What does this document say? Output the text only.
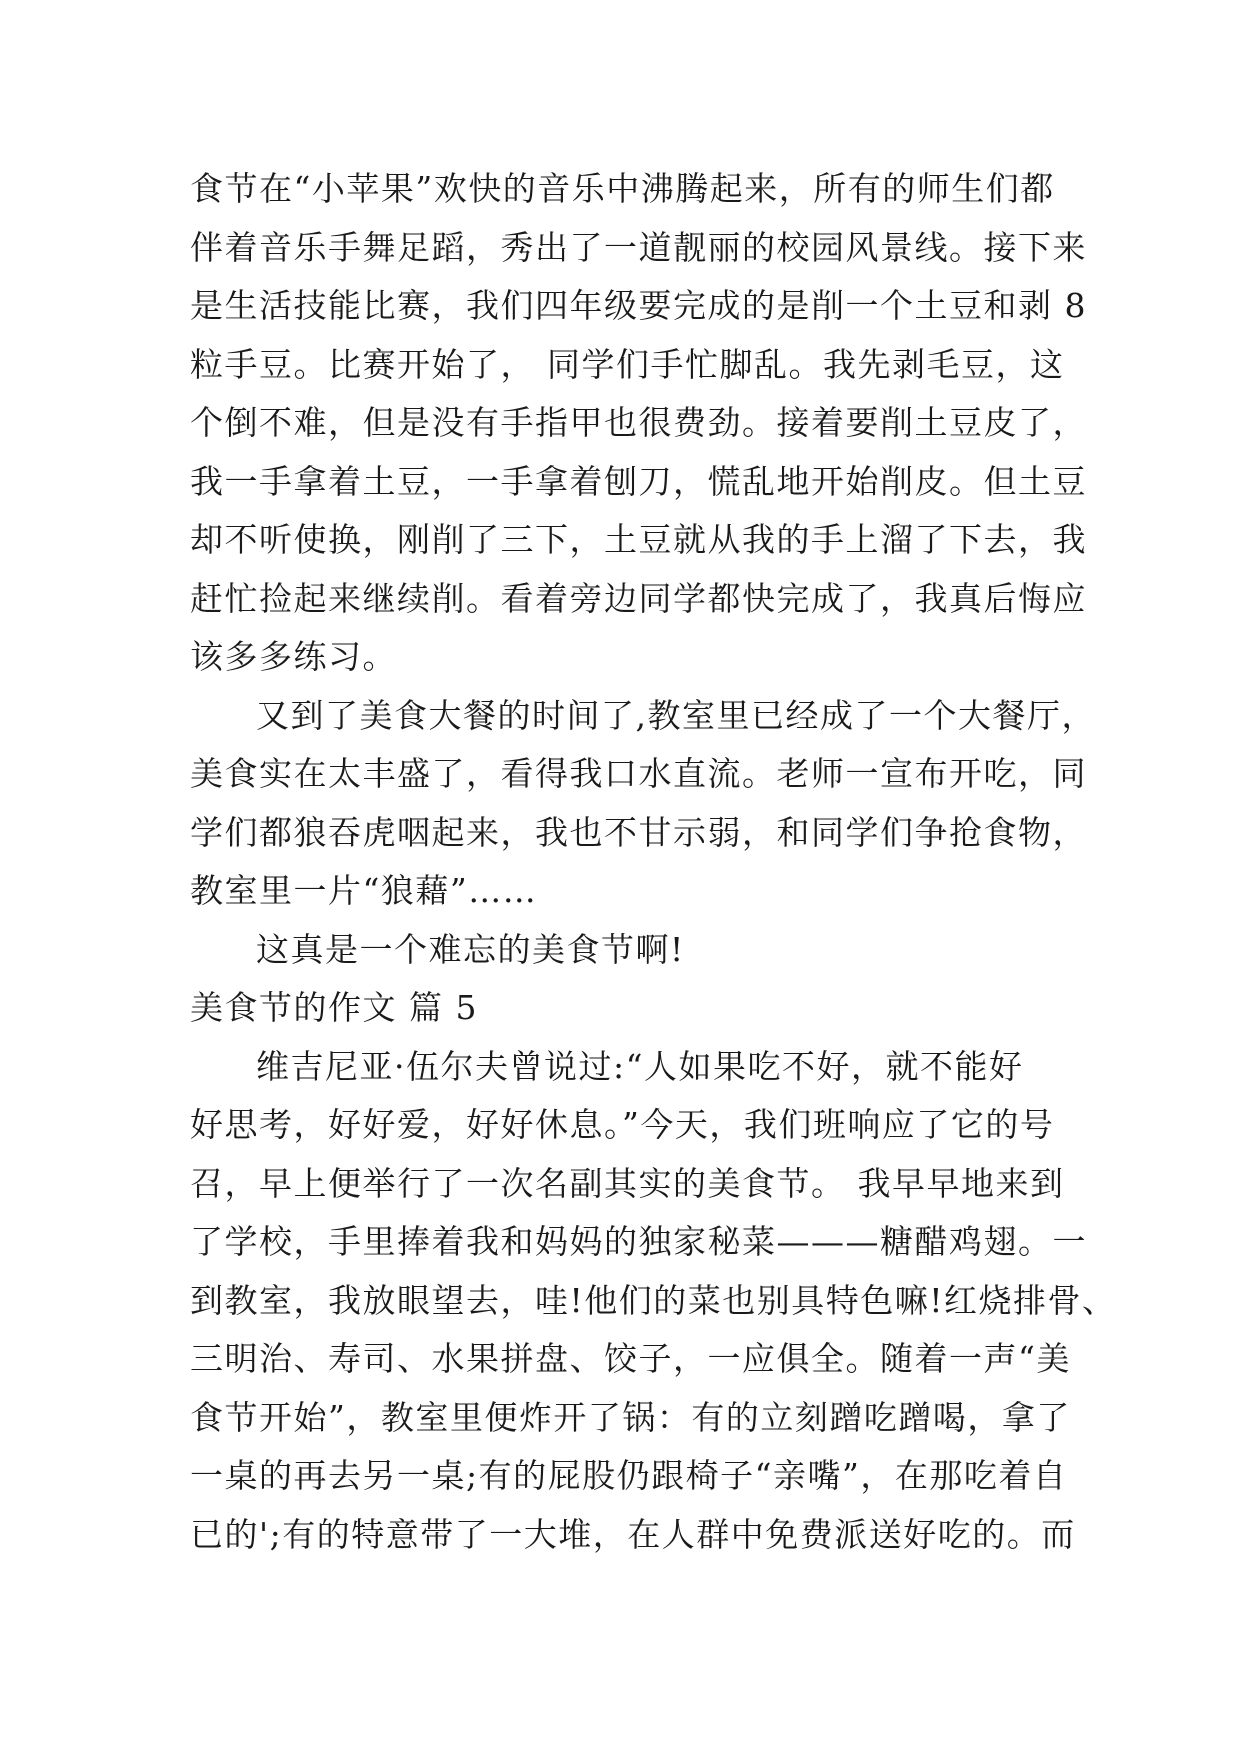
食节在“小苹果”欢快的音乐中沸腾起来，所有的师生们都
伴着音乐手舞足蹈，秀出了一道靓丽的校园风景线。接下来
是生活技能比赛，我们四年级要完成的是削一个土豆和剥 8
粒手豆。比赛开始了， 同学们手忙脚乱。我先剥毛豆，这
个倒不难，但是没有手指甲也很费劲。接着要削土豆皮了，
我一手拿着土豆，一手拿着刨刀，慌乱地开始削皮。但土豆
却不听使换，刚削了三下，土豆就从我的手上溜了下去，我
赶忙捡起来继续削。看着旁边同学都快完成了，我真后悔应
该多多练习。
又到了美食大餐的时间了,教室里已经成了一个大餐厅，
美食实在太丰盛了，看得我口水直流。老师一宣布开吃，同
学们都狼吞虎咽起来，我也不甘示弱，和同学们争抢食物，
教室里一片“狼藉”……
这真是一个难忘的美食节啊!
美食节的作文 篇 5
维吉尼亚·伍尔夫曾说过:“人如果吃不好，就不能好
好思考，好好爱，好好休息。”今天，我们班响应了它的号
召，早上便举行了一次名副其实的美食节。 我早早地来到
了学校，手里捧着我和妈妈的独家秘菜———糖醋鸡翅。一
到教室，我放眼望去，哇!他们的菜也别具特色嘛!红烧排骨、
三明治、寿司、水果拼盘、饺子，一应俱全。随着一声“美
食节开始”，教室里便炸开了锅：有的立刻蹭吃蹭喝，拿了
一桌的再去另一桌;有的屁股仍跟椅子“亲嘴”，在那吃着自
已的';有的特意带了一大堆，在人群中免费派送好吃的。而
